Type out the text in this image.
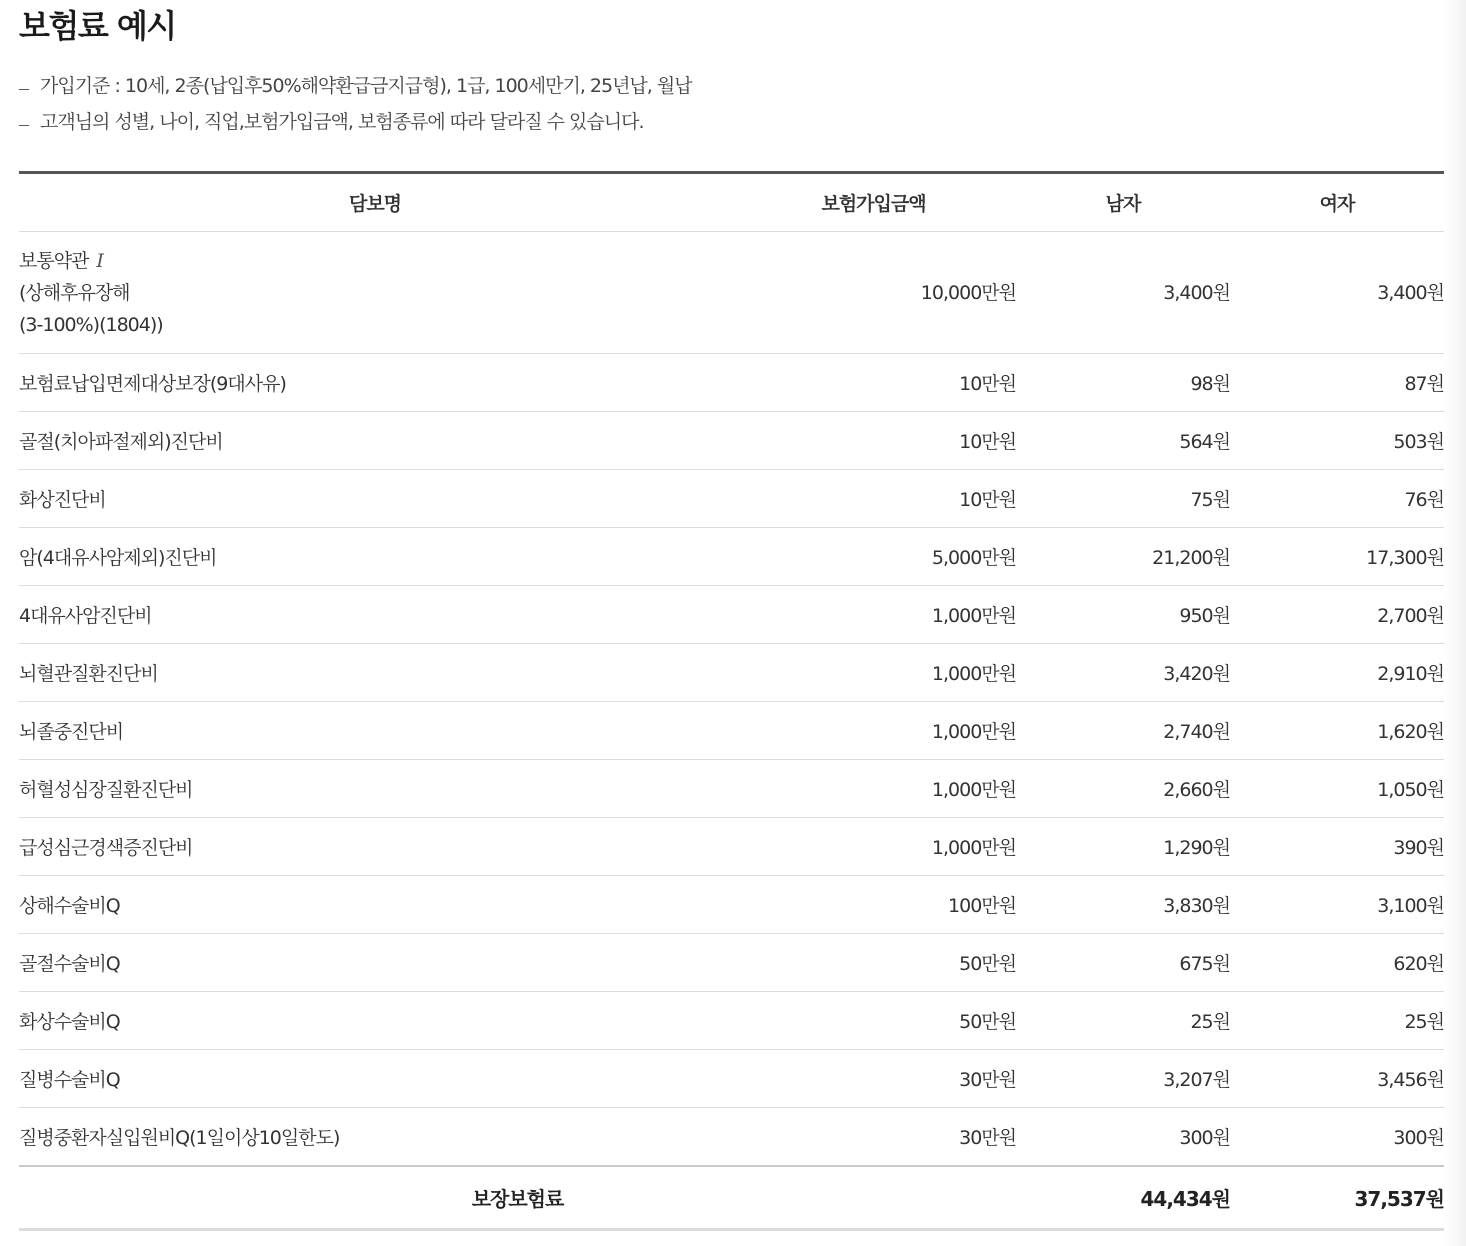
보험료 예시
가입기준 : 10세, 2종(납입후50%해약환급금지급형), 1급, 100세만기, 25년납, 월납
고객님의 성별, 나이, 직업,보험가입금액, 보험종류에 따라 달라질 수 있습니다.
담보명	보험가입금액	남자	여자

보통약관 I
(상해후유장해
(3-100%)(1804))	10,000만원	3,400원	3,400원
보험료납입면제대상보장(9대사유)	10만원	98원	87원
골절(치아파절제외)진단비	10만원	564원	503원
화상진단비	10만원	75원	76원
암(4대유사암제외)진단비	5,000만원	21,200원	17,300원
4대유사암진단비	1,000만원	950원	2,700원
뇌혈관질환진단비	1,000만원	3,420원	2,910원
뇌졸중진단비	1,000만원	2,740원	1,620원
허혈성심장질환진단비	1,000만원	2,660원	1,050원
급성심근경색증진단비	1,000만원	1,290원	390원
상해수술비Q	100만원	3,830원	3,100원
골절수술비Q	50만원	675원	620원
화상수술비Q	50만원	25원	25원
질병수술비Q	30만원	3,207원	3,456원
질병중환자실입원비Q(1일이상10일한도)	30만원	300원	300원
보장보험료		44,434원	37,537원
